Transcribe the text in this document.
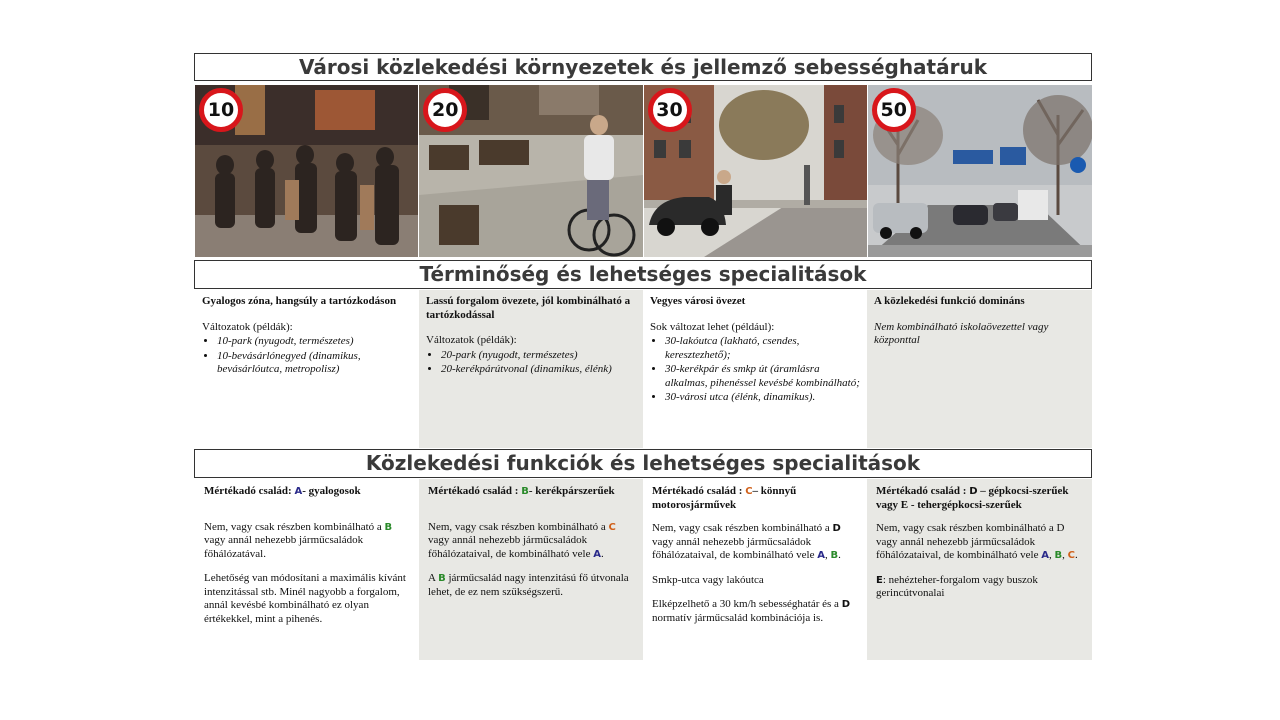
Városi közlekedési környezetek és jellemző sebességhatáruk
10	20	30	50
Términőség és lehetséges specialitások
Gyalogos zóna, hangsúly a tartózkodáson
Változatok (példák):
• 10-park (nyugodt, természetes)
• 10-bevásárlónegyed (dinamikus, bevásárlóutca, metropolisz)
Lassú forgalom övezete, jól kombinálható a tartózkodással
Változatok (példák):
• 20-park (nyugodt, természetes)
• 20-kerékpárútvonal (dinamikus, élénk)
Vegyes városi övezet
Sok változat lehet (például):
• 30-lakóutca (lakható, csendes, keresztezhető);
• 30-kerékpár és smkp út (áramlásra alkalmas, pihenéssel kevésbé kombinálható;
• 30-városi utca (élénk, dinamikus).
A közlekedési funkció domináns
Nem kombinálható iskolaövezettel vagy központtal
Közlekedési funkciók és lehetséges specialitások
Mértékadó család: A- gyalogosok

Nem, vagy csak részben kombinálható a B vagy annál nehezebb járműcsaládok főhálózatával.

Lehetőség van módosítani a maximális kívánt intenzitással stb. Minél nagyobb a forgalom, annál kevésbé kombinálható ez olyan értékekkel, mint a pihenés.

Mértékadó család : B- kerékpárszerűek

Nem, vagy csak részben kombinálható a C vagy annál nehezebb járműcsaládok főhálózataival, de kombinálható vele A.

A B járműcsalád nagy intenzitású fő útvonala lehet, de ez nem szükségszerű.

Mértékadó család : C– könnyű motorosjárművek

Nem, vagy csak részben kombinálható a D vagy annál nehezebb járműcsaládok főhálózataival, de kombinálható vele A, B.

Smkp-utca vagy lakóutca

Elképzelhető a 30 km/h sebességhatár és a D normatív járműcsalád kombinációja is.

Mértékadó család : D – gépkocsi-szerűek vagy E - tehergépkocsi-szerűek

Nem, vagy csak részben kombinálható a D vagy annál nehezebb járműcsaládok főhálózataival, de kombinálható vele A, B, C.

E: nehézteher-forgalom vagy buszok gerincútvonalai
